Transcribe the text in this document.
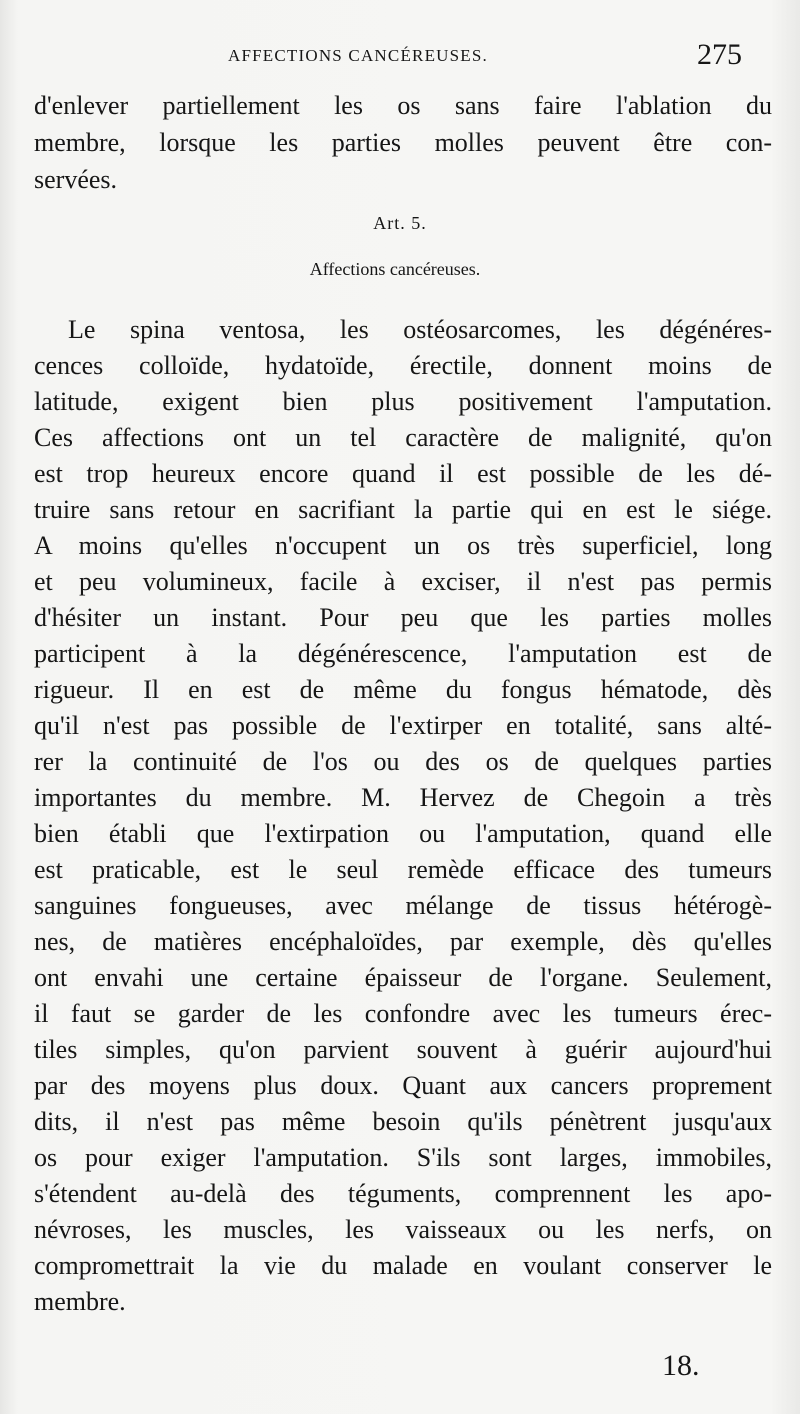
AFFECTIONS CANCÉREUSES.	275
d'enlever partiellement les os sans faire l'ablation du
membre, lorsque les parties molles peuvent être con-
servées.
Art. 5.
Affections cancéreuses.
Le spina ventosa, les ostéosarcomes, les dégénéres-
cences colloïde, hydatoïde, érectile, donnent moins de
latitude, exigent bien plus positivement l'amputation.
Ces affections ont un tel caractère de malignité, qu'on
est trop heureux encore quand il est possible de les dé-
truire sans retour en sacrifiant la partie qui en est le siége.
A moins qu'elles n'occupent un os très superficiel, long
et peu volumineux, facile à exciser, il n'est pas permis
d'hésiter un instant. Pour peu que les parties molles
participent à la dégénérescence, l'amputation est de
rigueur. Il en est de même du fongus hématode, dès
qu'il n'est pas possible de l'extirper en totalité, sans alté-
rer la continuité de l'os ou des os de quelques parties
importantes du membre. M. Hervez de Chegoin a très
bien établi que l'extirpation ou l'amputation, quand elle
est praticable, est le seul remède efficace des tumeurs
sanguines fongueuses, avec mélange de tissus hétérogè-
nes, de matières encéphaloïdes, par exemple, dès qu'elles
ont envahi une certaine épaisseur de l'organe. Seulement,
il faut se garder de les confondre avec les tumeurs érec-
tiles simples, qu'on parvient souvent à guérir aujourd'hui
par des moyens plus doux. Quant aux cancers proprement
dits, il n'est pas même besoin qu'ils pénètrent jusqu'aux
os pour exiger l'amputation. S'ils sont larges, immobiles,
s'étendent au-delà des téguments, comprennent les apo-
névroses, les muscles, les vaisseaux ou les nerfs, on
compromettrait la vie du malade en voulant conserver le
membre.
18.
